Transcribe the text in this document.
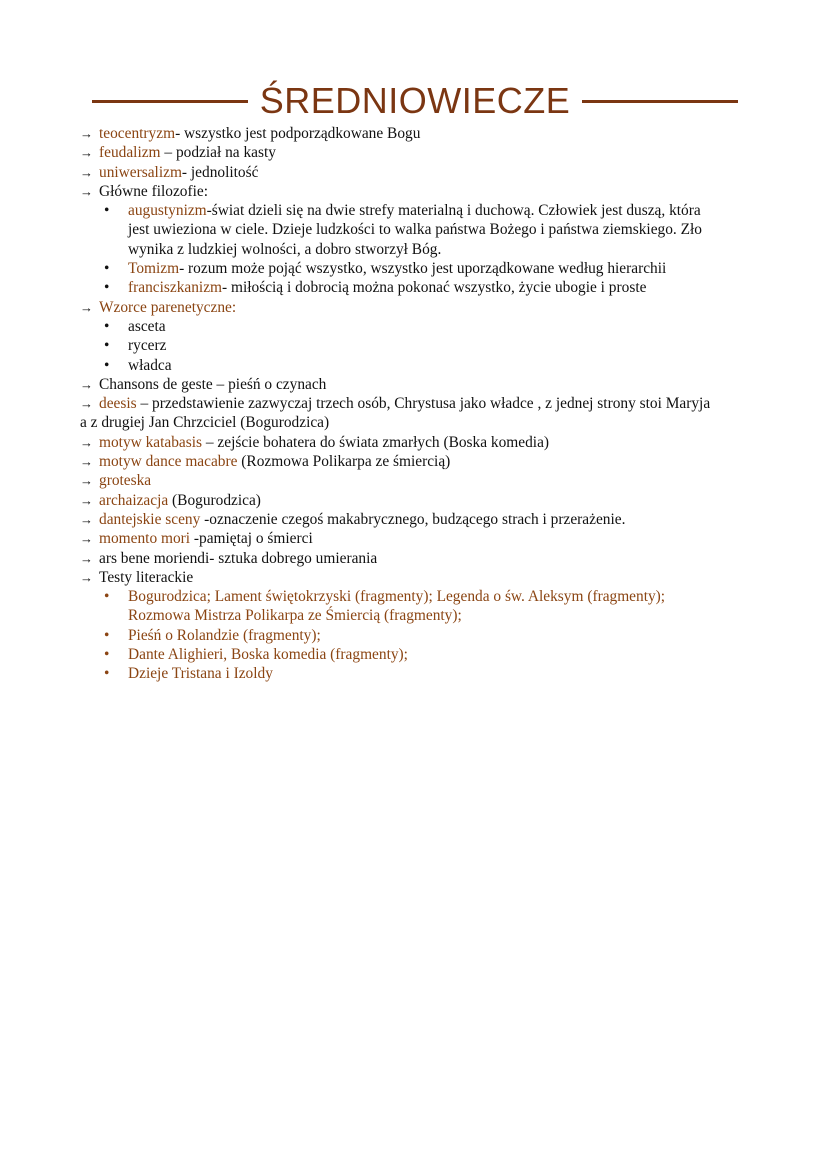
ŚREDNIOWIECZE
→ teocentryzm- wszystko jest podporządkowane Bogu
→ feudalizm – podział na kasty
→ uniwersalizm- jednolitość
→ Główne filozofie:
• augustynizm-świat dzieli się na dwie strefy materialną i duchową. Człowiek jest duszą, która jest uwieziona w ciele. Dzieje ludzkości to walka państwa Bożego i państwa ziemskiego. Zło wynika z ludzkiej wolności, a dobro stworzył Bóg.
• Tomizm- rozum może pojąć wszystko, wszystko jest uporządkowane według hierarchii
• franciszkanizm- miłością i dobrocią można pokonać wszystko, życie ubogie i proste
→ Wzorce parenetyczne:
• asceta
• rycerz
• władca
→ Chansons de geste – pieśń o czynach
→ deesis – przedstawienie zazwyczaj trzech osób, Chrystusa jako władce , z jednej strony stoi Maryja a z drugiej Jan Chrzciciel (Bogurodzica)
→ motyw katabasis – zejście bohatera do świata zmarłych (Boska komedia)
→ motyw dance macabre (Rozmowa Polikarpa ze śmiercią)
→ groteska
→ archaizacja (Bogurodzica)
→ dantejskie sceny -oznaczenie czegoś makabrycznego, budzącego strach i przerażenie.
→ momento mori -pamiętaj o śmierci
→ ars bene moriendi- sztuka dobrego umierania
→ Testy literackie
• Bogurodzica; Lament świętokrzyski (fragmenty); Legenda o św. Aleksym (fragmenty); Rozmowa Mistrza Polikarpa ze Śmiercią (fragmenty);
• Pieśń o Rolandzie (fragmenty);
• Dante Alighieri, Boska komedia (fragmenty);
• Dzieje Tristana i Izoldy
